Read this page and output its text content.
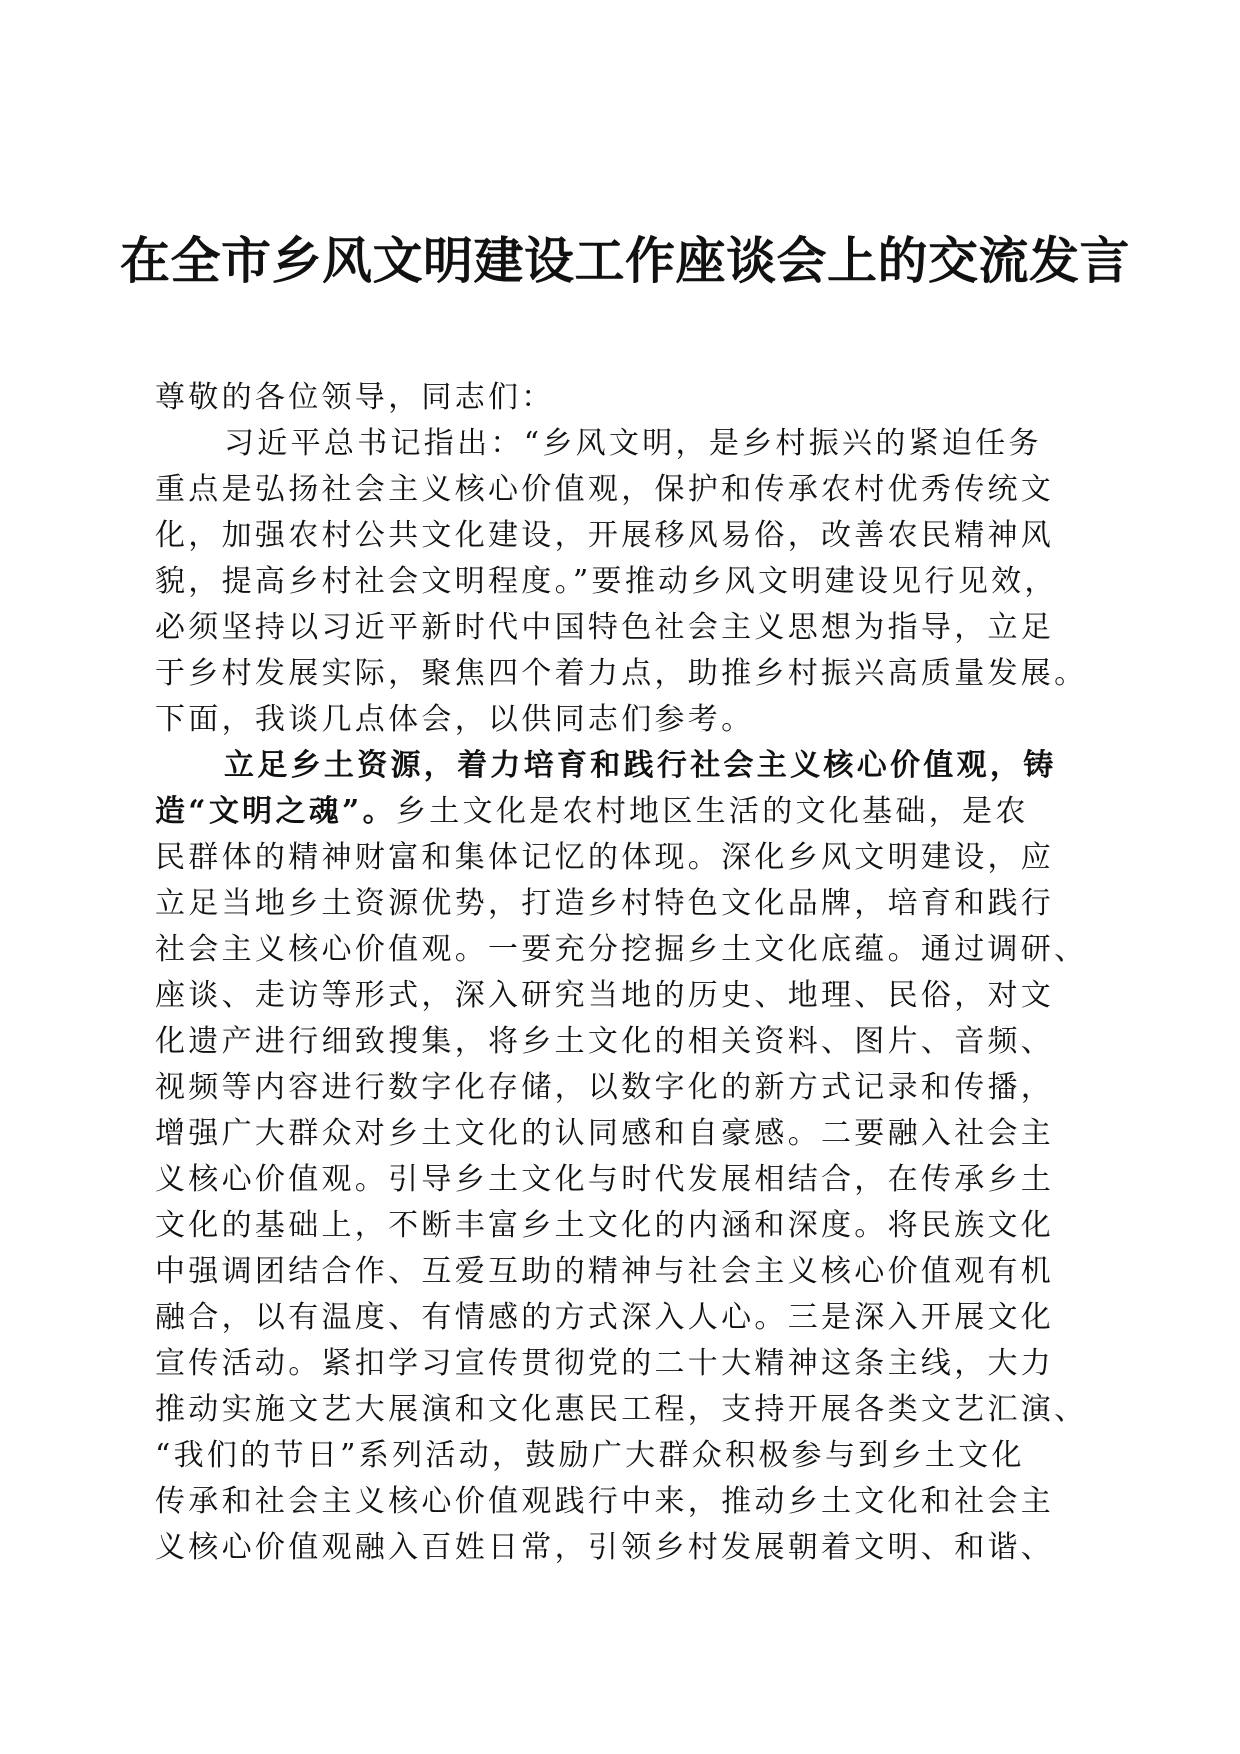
在全市乡风文明建设工作座谈会上的交流发言
尊敬的各位领导，同志们：
习近平总书记指出：“乡风文明，是乡村振兴的紧迫任务
重点是弘扬社会主义核心价值观，保护和传承农村优秀传统文
化，加强农村公共文化建设，开展移风易俗，改善农民精神风
貌，提高乡村社会文明程度。”要推动乡风文明建设见行见效，
必须坚持以习近平新时代中国特色社会主义思想为指导，立足
于乡村发展实际，聚焦四个着力点，助推乡村振兴高质量发展。
下面，我谈几点体会，以供同志们参考。
立足乡土资源，着力培育和践行社会主义核心价值观，铸
造“文明之魂”。乡土文化是农村地区生活的文化基础，是农
民群体的精神财富和集体记忆的体现。深化乡风文明建设，应
立足当地乡土资源优势，打造乡村特色文化品牌，培育和践行
社会主义核心价值观。一要充分挖掘乡土文化底蕴。通过调研、
座谈、走访等形式，深入研究当地的历史、地理、民俗，对文
化遗产进行细致搜集，将乡土文化的相关资料、图片、音频、
视频等内容进行数字化存储，以数字化的新方式记录和传播，
增强广大群众对乡土文化的认同感和自豪感。二要融入社会主
义核心价值观。引导乡土文化与时代发展相结合，在传承乡土
文化的基础上，不断丰富乡土文化的内涵和深度。将民族文化
中强调团结合作、互爱互助的精神与社会主义核心价值观有机
融合，以有温度、有情感的方式深入人心。三是深入开展文化
宣传活动。紧扣学习宣传贯彻党的二十大精神这条主线，大力
推动实施文艺大展演和文化惠民工程，支持开展各类文艺汇演、
“我们的节日”系列活动，鼓励广大群众积极参与到乡土文化
传承和社会主义核心价值观践行中来，推动乡土文化和社会主
义核心价值观融入百姓日常，引领乡村发展朝着文明、和谐、
